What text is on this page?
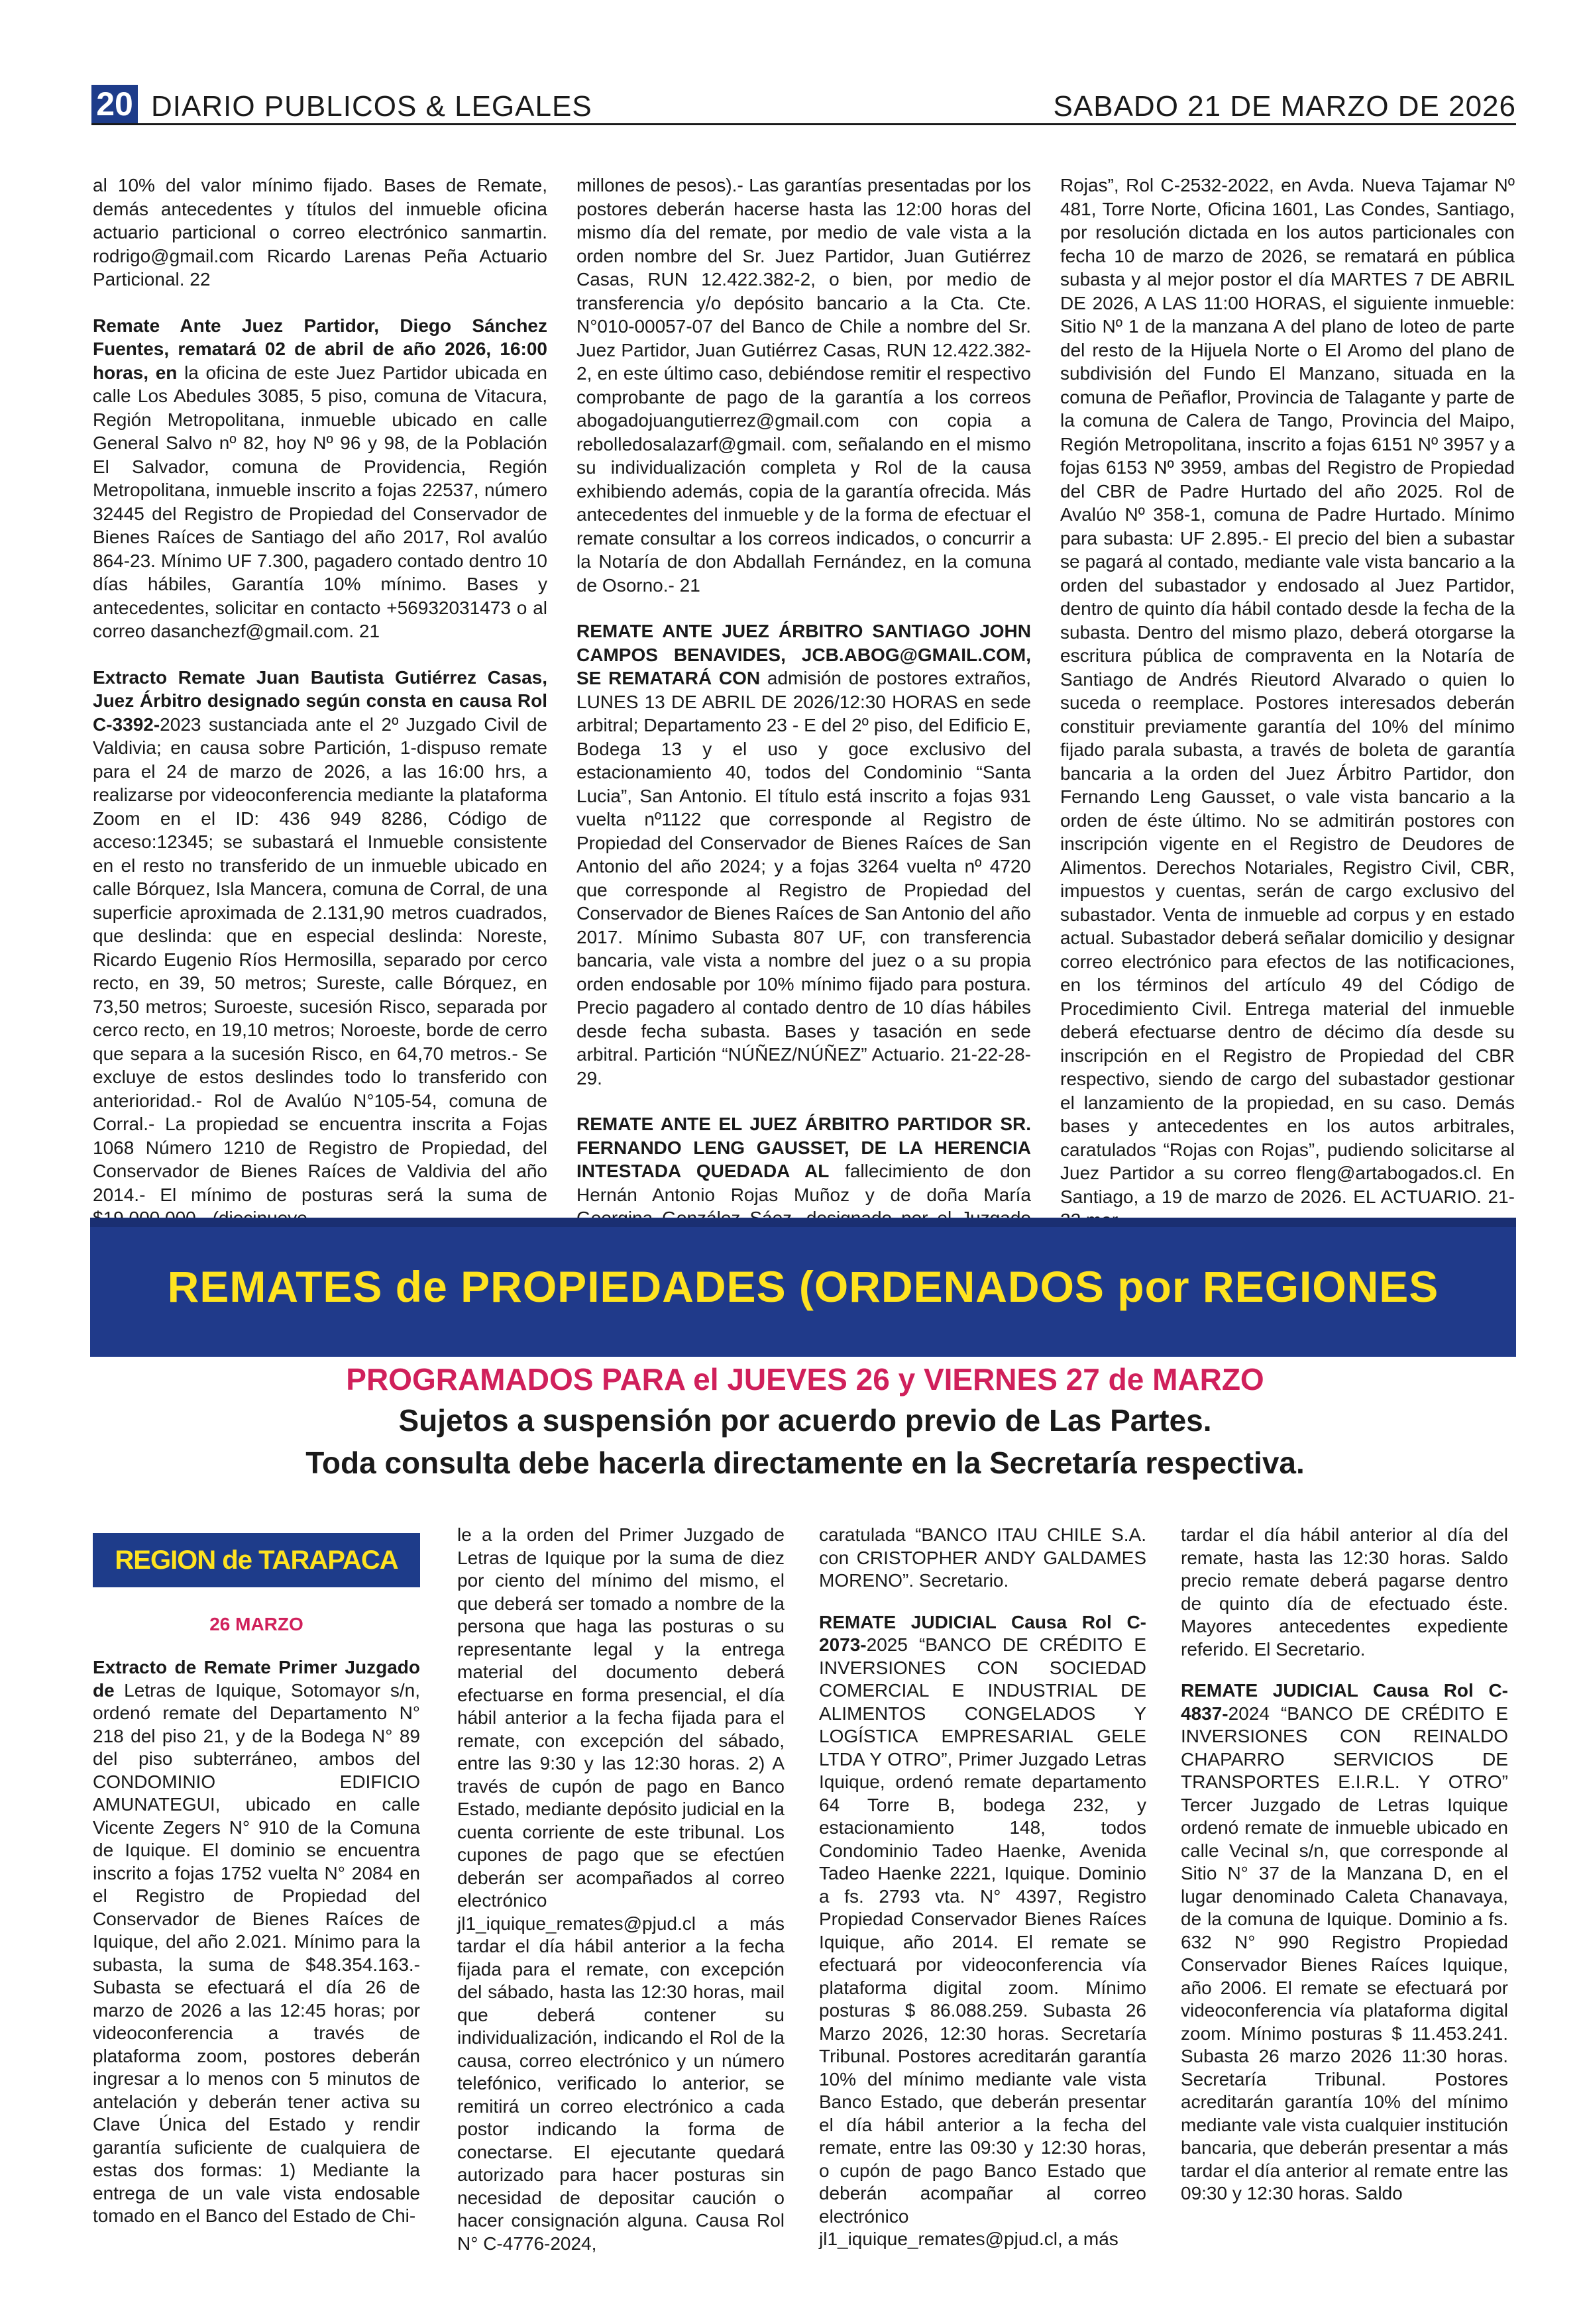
20 DIARIO PUBLICOS & LEGALES	SABADO 21 DE MARZO DE 2026

al 10% del valor mínimo fijado. Bases de Remate, demás antecedentes y títulos del inmueble oficina actuario particional o correo electrónico sanmartin. rodrigo@gmail.com Ricardo Larenas Peña Actuario Particional. 22

Remate Ante Juez Partidor, Diego Sánchez Fuentes, rematará 02 de abril de año 2026, 16:00 horas, en la oficina de este Juez Partidor ubicada en calle Los Abedules 3085, 5 piso, comuna de Vitacura, Región Metropolitana, inmueble ubicado en calle General Salvo nº 82, hoy Nº 96 y 98, de la Población El Salvador, comuna de Providencia, Región Metropolitana, inmueble inscrito a fojas 22537, número 32445 del Registro de Propiedad del Conservador de Bienes Raíces de Santiago del año 2017, Rol avalúo 864-23. Mínimo UF 7.300, pagadero contado dentro 10 días hábiles, Garantía 10% mínimo. Bases y antecedentes, solicitar en contacto +56932031473 o al correo dasanchezf@gmail.com. 21

Extracto Remate Juan Bautista Gutiérrez Casas, Juez Árbitro designado según consta en causa Rol C-3392-2023 sustanciada ante el 2º Juzgado Civil de Valdivia; en causa sobre Partición, 1-dispuso remate para el 24 de marzo de 2026, a las 16:00 hrs, a realizarse por videoconferencia mediante la plataforma Zoom en el ID: 436 949 8286, Código de acceso:12345; se subastará el Inmueble consistente en el resto no transferido de un inmueble ubicado en calle Bórquez, Isla Mancera, comuna de Corral, de una superficie aproximada de 2.131,90 metros cuadrados, que deslinda: que en especial deslinda: Noreste, Ricardo Eugenio Ríos Hermosilla, separado por cerco recto, en 39, 50 metros; Sureste, calle Bórquez, en 73,50 metros; Suroeste, sucesión Risco, separada por cerco recto, en 19,10 metros; Noroeste, borde de cerro que separa a la sucesión Risco, en 64,70 metros.- Se excluye de estos deslindes todo lo transferido con anterioridad.- Rol de Avalúo N°105-54, comuna de Corral.- La propiedad se encuentra inscrita a Fojas 1068 Número 1210 de Registro de Propiedad, del Conservador de Bienes Raíces de Valdivia del año 2014.- El mínimo de posturas será la suma de

millones de pesos).- Las garantías presentadas por los postores deberán hacerse hasta las 12:00 horas del mismo día del remate, por medio de vale vista a la orden nombre del Sr. Juez Partidor, Juan Gutiérrez Casas, RUN 12.422.382-2, o bien, por medio de transferencia y/o depósito bancario a la Cta. Cte. N°010-00057-07 del Banco de Chile a nombre del Sr. Juez Partidor, Juan Gutiérrez Casas, RUN 12.422.382-2, en este último caso, debiéndose remitir el respectivo comprobante de pago de la garantía a los correos abogadojuangutierrez@gmail.com con copia a rebolledosalazarf@gmail. com, señalando en el mismo su individualización completa y Rol de la causa exhibiendo además, copia de la garantía ofrecida. Más antecedentes del inmueble y de la forma de efectuar el remate consultar a los correos indicados, o concurrir a la Notaría de don Abdallah Fernández, en la comuna de Osorno.- 21

REMATE ANTE JUEZ ÁRBITRO SANTIAGO JOHN CAMPOS BENAVIDES, JCB.ABOG@GMAIL.COM, SE REMATARÁ CON admisión de postores extraños, LUNES 13 DE ABRIL DE 2026/12:30 HORAS en sede arbitral; Departamento 23 - E del 2º piso, del Edificio E, Bodega 13 y el uso y goce exclusivo del estacionamiento 40, todos del Condominio “Santa Lucia”, San Antonio. El título está inscrito a fojas 931 vuelta nº1122 que corresponde al Registro de Propiedad del Conservador de Bienes Raíces de San Antonio del año 2024; y a fojas 3264 vuelta nº 4720 que corresponde al Registro de Propiedad del Conservador de Bienes Raíces de San Antonio del año 2017. Mínimo Subasta 807 UF, con transferencia bancaria, vale vista a nombre del juez o a su propia orden endosable por 10% mínimo fijado para postura. Precio pagadero al contado dentro de 10 días hábiles desde fecha subasta. Bases y tasación en sede arbitral. Partición “NÚÑEZ/NÚÑEZ” Actuario. 21-22-28-29.

REMATE ANTE EL JUEZ ÁRBITRO PARTIDOR SR. FERNANDO LENG GAUSSET, DE LA HERENCIA INTESTADA QUEDADA AL fallecimiento de don Hernán Antonio Rojas Muñoz y de doña María

Rojas”, Rol C-2532-2022, en Avda. Nueva Tajamar Nº 481, Torre Norte, Oficina 1601, Las Condes, Santiago, por resolución dictada en los autos particionales con fecha 10 de marzo de 2026, se rematará en pública subasta y al mejor postor el día MARTES 7 DE ABRIL DE 2026, A LAS 11:00 HORAS, el siguiente inmueble: Sitio Nº 1 de la manzana A del plano de loteo de parte del resto de la Hijuela Norte o El Aromo del plano de subdivisión del Fundo El Manzano, situada en la comuna de Peñaflor, Provincia de Talagante y parte de la comuna de Calera de Tango, Provincia del Maipo, Región Metropolitana, inscrito a fojas 6151 Nº 3957 y a fojas 6153 Nº 3959, ambas del Registro de Propiedad del CBR de Padre Hurtado del año 2025. Rol de Avalúo Nº 358-1, comuna de Padre Hurtado. Mínimo para subasta: UF 2.895.- El precio del bien a subastar se pagará al contado, mediante vale vista bancario a la orden del subastador y endosado al Juez Partidor, dentro de quinto día hábil contado desde la fecha de la subasta. Dentro del mismo plazo, deberá otorgarse la escritura pública de compraventa en la Notaría de Santiago de Andrés Rieutord Alvarado o quien lo suceda o reemplace. Postores interesados deberán constituir previamente garantía del 10% del mínimo fijado parala subasta, a través de boleta de garantía bancaria a la orden del Juez Árbitro Partidor, don Fernando Leng Gausset, o vale vista bancario a la orden de éste último. No se admitirán postores con inscripción vigente en el Registro de Deudores de Alimentos. Derechos Notariales, Registro Civil, CBR, impuestos y cuentas, serán de cargo exclusivo del subastador. Venta de inmueble ad corpus y en estado actual. Subastador deberá señalar domicilio y designar correo electrónico para efectos de las notificaciones, en los términos del artículo 49 del Código de Procedimiento Civil. Entrega material del inmueble deberá efectuarse dentro de décimo día desde su inscripción en el Registro de Propiedad del CBR respectivo, siendo de cargo del subastador gestionar el lanzamiento de la propiedad, en su caso. Demás bases y antecedentes en los autos arbitrales, caratulados “Rojas con Rojas”, pudiendo solicitarse al Juez Partidor a su correo fleng@artabogados.cl. En Santiago, a 19 de marzo de 2026. EL ACTUARIO. 21-

REMATES de PROPIEDADES (ORDENADOS por REGIONES
PROGRAMADOS PARA el JUEVES 26 y VIERNES 27 de MARZO
Sujetos a suspensión por acuerdo previo de Las Partes.
Toda consulta debe hacerla directamente en la Secretaría respectiva.
REGION de TARAPACA
26 MARZO

Extracto de Remate Primer Juzgado de Letras de Iquique, Sotomayor s/n, ordenó remate del Departamento N° 218 del piso 21, y de la Bodega N° 89 del piso subterráneo, ambos del CONDOMINIO EDIFICIO AMUNATEGUI, ubicado en calle Vicente Zegers N° 910 de la Comuna de Iquique. El dominio se encuentra inscrito a fojas 1752 vuelta N° 2084 en el Registro de Propiedad del Conservador de Bienes Raíces de Iquique, del año 2.021. Mínimo para la subasta, la suma de $48.354.163.- Subasta se efectuará el día 26 de marzo de 2026 a las 12:45 horas; por videoconferencia a través de plataforma zoom, postores deberán ingresar a lo menos con 5 minutos de antelación y deberán tener activa su Clave Única del Estado y rendir garantía suficiente de cualquiera de estas dos formas: 1) Mediante la entrega de un vale vista endosable tomado en el Banco del Estado de Chi-

le a la orden del Primer Juzgado de Letras de Iquique por la suma de diez por ciento del mínimo del mismo, el que deberá ser tomado a nombre de la persona que haga las posturas o su representante legal y la entrega material del documento deberá efectuarse en forma presencial, el día hábil anterior a la fecha fijada para el remate, con excepción del sábado, entre las 9:30 y las 12:30 horas. 2) A través de cupón de pago en Banco Estado, mediante depósito judicial en la cuenta corriente de este tribunal. Los cupones de pago que se efectúen deberán ser acompañados al correo electrónico jl1_iquique_remates@pjud.cl a más tardar el día hábil anterior a la fecha fijada para el remate, con excepción del sábado, hasta las 12:30 horas, mail que deberá contener su individualización, indicando el Rol de la causa, correo electrónico y un número telefónico, verificado lo anterior, se remitirá un correo electrónico a cada postor indicando la forma de conectarse. El ejecutante quedará autorizado para hacer posturas sin necesidad de depositar caución o hacer consignación alguna. Causa Rol N° C-4776-2024,

caratulada “BANCO ITAU CHILE S.A. con CRISTOPHER ANDY GALDAMES MORENO”. Secretario.

REMATE JUDICIAL Causa Rol C-2073-2025 “BANCO DE CRÉDITO E INVERSIONES CON SOCIEDAD COMERCIAL E INDUSTRIAL DE ALIMENTOS CONGELADOS Y LOGÍSTICA EMPRESARIAL GELE LTDA Y OTRO”, Primer Juzgado Letras Iquique, ordenó remate departamento 64 Torre B, bodega 232, y estacionamiento 148, todos Condominio Tadeo Haenke, Avenida Tadeo Haenke 2221, Iquique. Dominio a fs. 2793 vta. N° 4397, Registro Propiedad Conservador Bienes Raíces Iquique, año 2014. El remate se efectuará por videoconferencia vía plataforma digital zoom. Mínimo posturas $ 86.088.259. Subasta 26 Marzo 2026, 12:30 horas. Secretaría Tribunal. Postores acreditarán garantía 10% del mínimo mediante vale vista Banco Estado, que deberán presentar el día hábil anterior a la fecha del remate, entre las 09:30 y 12:30 horas, o cupón de pago Banco Estado que deberán acompañar al correo electrónico jl1_iquique_remates@pjud.cl, a más

tardar el día hábil anterior al día del remate, hasta las 12:30 horas. Saldo precio remate deberá pagarse dentro de quinto día de efectuado éste. Mayores antecedentes expediente referido. El Secretario.

REMATE JUDICIAL Causa Rol C-4837-2024 “BANCO DE CRÉDITO E INVERSIONES CON REINALDO CHAPARRO SERVICIOS DE TRANSPORTES E.I.R.L. Y OTRO” Tercer Juzgado de Letras Iquique ordenó remate de inmueble ubicado en calle Vecinal s/n, que corresponde al Sitio N° 37 de la Manzana D, en el lugar denominado Caleta Chanavaya, de la comuna de Iquique. Dominio a fs. 632 N° 990 Registro Propiedad Conservador Bienes Raíces Iquique, año 2006. El remate se efectuará por videoconferencia vía plataforma digital zoom. Mínimo posturas $ 11.453.241. Subasta 26 marzo 2026 11:30 horas. Secretaría Tribunal. Postores acreditarán garantía 10% del mínimo mediante vale vista cualquier institución bancaria, que deberán presentar a más tardar el día anterior al remate entre las 09:30 y 12:30 horas. Saldo
